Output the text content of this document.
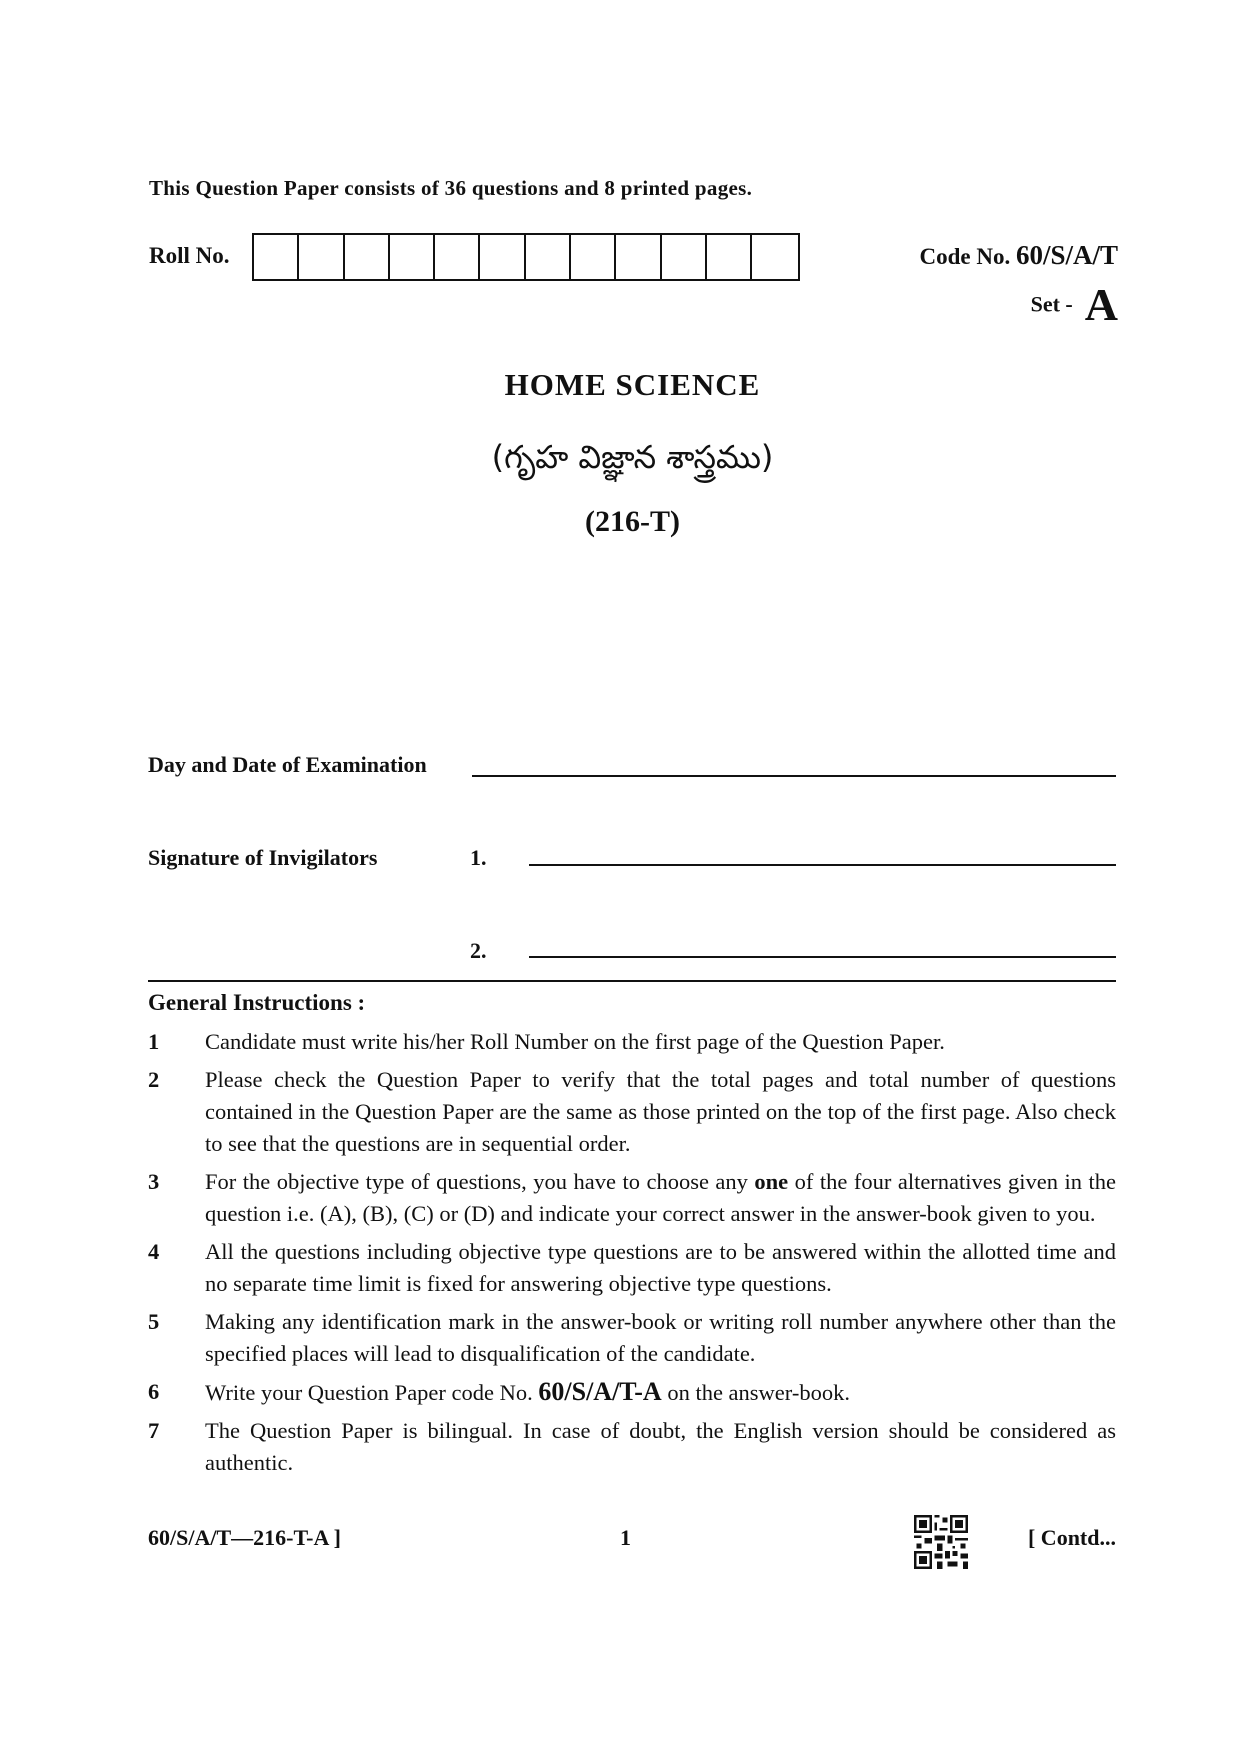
This Question Paper consists of 36 questions and 8 printed pages.
Roll No.	Code No. 60/S/A/T
Set - A
HOME SCIENCE
(గృహ విజ్ఞాన శాస్త్రము)
(216-T)
Day and Date of Examination
Signature of Invigilators	1.
2.
General Instructions :
1	Candidate must write his/her Roll Number on the first page of the Question Paper.
2	Please check the Question Paper to verify that the total pages and total number of questions contained in the Question Paper are the same as those printed on the top of the first page. Also check to see that the questions are in sequential order.
3	For the objective type of questions, you have to choose any one of the four alternatives given in the question i.e. (A), (B), (C) or (D) and indicate your correct answer in the answer-book given to you.
4	All the questions including objective type questions are to be answered within the allotted time and no separate time limit is fixed for answering objective type questions.
5	Making any identification mark in the answer-book or writing roll number anywhere other than the specified places will lead to disqualification of the candidate.
6	Write your Question Paper code No. 60/S/A/T-A on the answer-book.
7	The Question Paper is bilingual. In case of doubt, the English version should be considered as authentic.
60/S/A/T—216-T-A ]	1	[ Contd...
